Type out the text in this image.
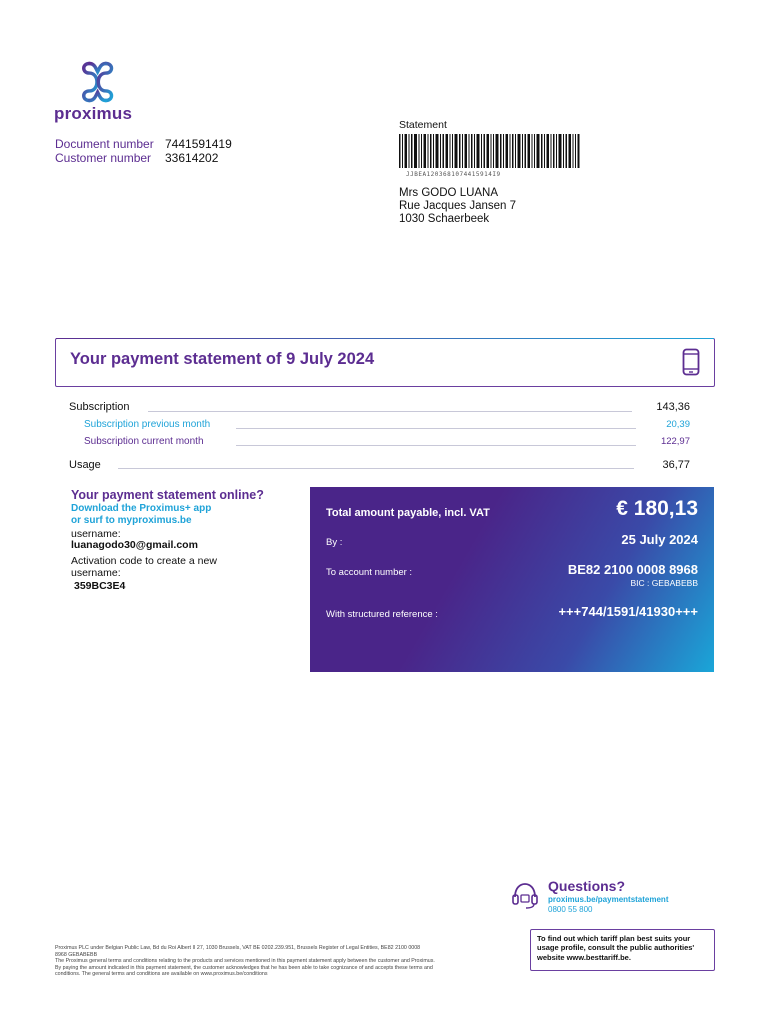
proximus
Document number 7441591419
Customer number 33614202
Statement
JJBEA1203681074415914I9
Mrs GODO LUANA
Rue Jacques Jansen 7
1030 Schaerbeek
Your payment statement of 9 July 2024
Subscription	143,36
Subscription previous month	20,39
Subscription current month	122,97
Usage	36,77
Your payment statement online?
Download the Proximus+ app
or surf to myproximus.be
username:
luanagodo30@gmail.com
Activation code to create a new
username:
359BC3E4
Total amount payable, incl. VAT	€ 180,13
By :	25 July 2024
To account number :	BE82 2100 0008 8968
BIC : GEBABEBB
With structured reference :	+++744/1591/41930+++
Questions?
proximus.be/paymentstatement
0800 55 800
To find out which tariff plan best suits your usage profile, consult the public authorities' website www.besttariff.be.
Proximus PLC under Belgian Public Law, Bd du Roi Albert II 27, 1030 Brussels, VAT BE 0202.239.951, Brussels Register of Legal Entities, BE82 2100 0008
8968 GEBABEBB
The Proximus general terms and conditions relating to the products and services mentioned in this payment statement apply between the customer and Proximus.
By paying the amount indicated in this payment statement, the customer acknowledges that he has been able to take cognizance of and accepts these terms and
conditions. The general terms and conditions are available on www.proximus.be/conditions
